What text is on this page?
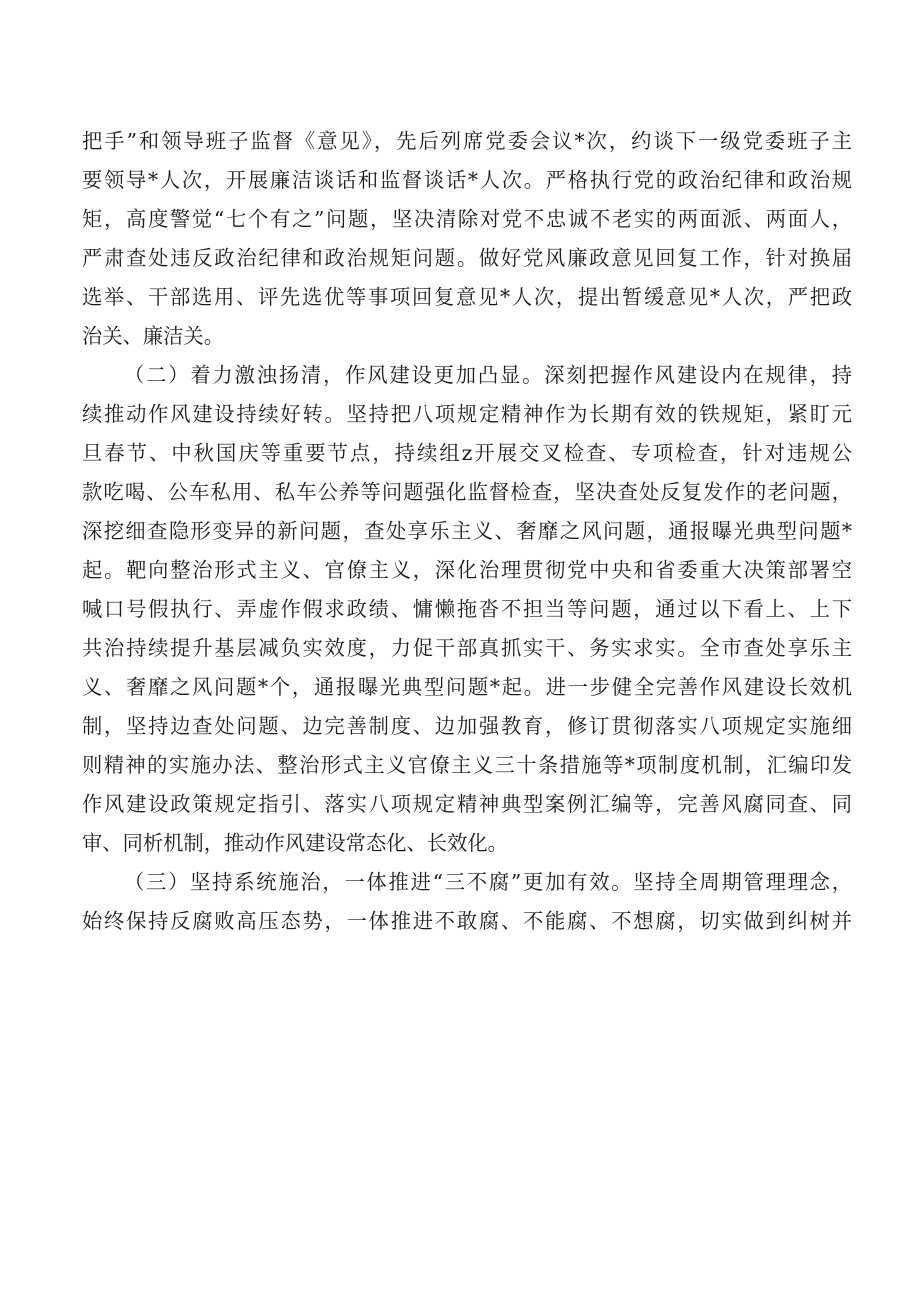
把手”和领导班子监督《意见》，先后列席党委会议*次，约谈下一级党委班子主
要领导*人次，开展廉洁谈话和监督谈话*人次。严格执行党的政治纪律和政治规
矩，高度警觉“七个有之”问题，坚决清除对党不忠诚不老实的两面派、两面人，
严肃查处违反政治纪律和政治规矩问题。做好党风廉政意见回复工作，针对换届
选举、干部选用、评先选优等事项回复意见*人次，提出暂缓意见*人次，严把政
治关、廉洁关。
（二）着力激浊扬清，作风建设更加凸显。深刻把握作风建设内在规律，持
续推动作风建设持续好转。坚持把八项规定精神作为长期有效的铁规矩，紧盯元
旦春节、中秋国庆等重要节点，持续组z开展交叉检查、专项检查，针对违规公
款吃喝、公车私用、私车公养等问题强化监督检查，坚决查处反复发作的老问题，
深挖细查隐形变异的新问题，查处享乐主义、奢靡之风问题，通报曝光典型问题*
起。靶向整治形式主义、官僚主义，深化治理贯彻党中央和省委重大决策部署空
喊口号假执行、弄虚作假求政绩、慵懒拖沓不担当等问题，通过以下看上、上下
共治持续提升基层减负实效度，力促干部真抓实干、务实求实。全市查处享乐主
义、奢靡之风问题*个，通报曝光典型问题*起。进一步健全完善作风建设长效机
制，坚持边查处问题、边完善制度、边加强教育，修订贯彻落实八项规定实施细
则精神的实施办法、整治形式主义官僚主义三十条措施等*项制度机制，汇编印发
作风建设政策规定指引、落实八项规定精神典型案例汇编等，完善风腐同查、同
审、同析机制，推动作风建设常态化、长效化。
（三）坚持系统施治，一体推进“三不腐”更加有效。坚持全周期管理理念，
始终保持反腐败高压态势，一体推进不敢腐、不能腐、不想腐，切实做到纠树并
